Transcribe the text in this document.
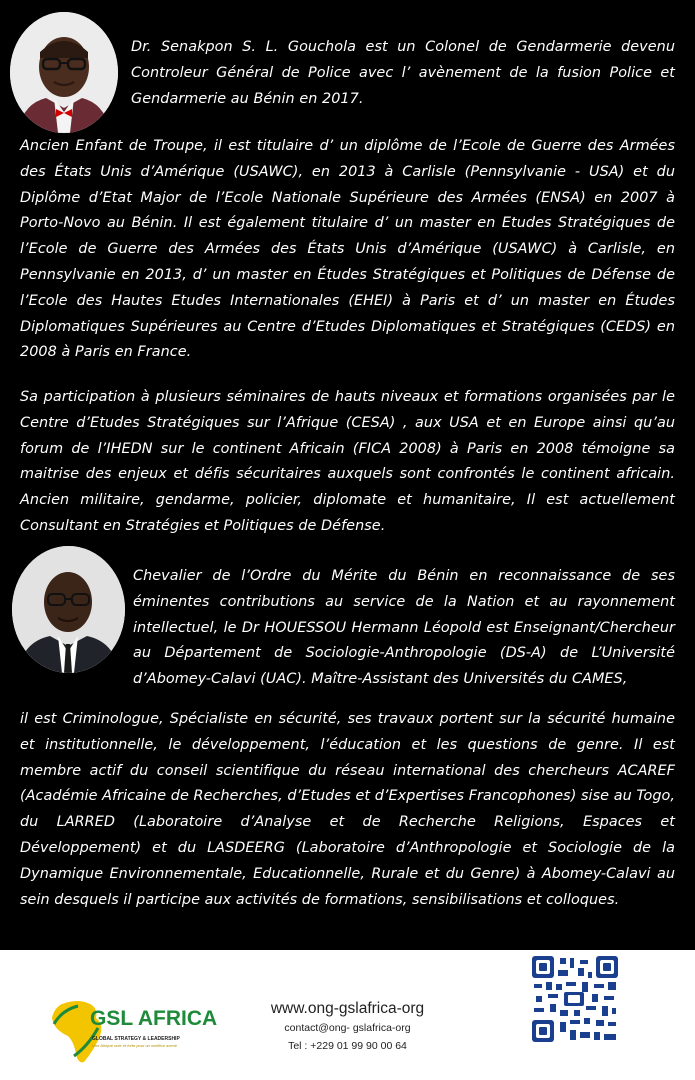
Dr. Senakpon S. L. Gouchola est un Colonel de Gendarmerie devenu Controleur Général de Police avec l’ avènement de la fusion Police et Gendarmerie au Bénin en 2017.
Ancien Enfant de Troupe, il est titulaire d’ un diplôme de l’Ecole de Guerre des Armées des États Unis d’Amérique (USAWC), en 2013 à Carlisle (Pennsylvanie - USA) et du Diplôme d’Etat Major de l’Ecole Nationale Supérieure des Armées (ENSA) en 2007 à Porto-Novo au Bénin. Il est également titulaire d’ un master en Etudes Stratégiques de l’Ecole de Guerre des Armées des États Unis d’Amérique (USAWC) à Carlisle, en Pennsylvanie en 2013, d’ un master en Études Stratégiques et Politiques de Défense de l’Ecole des Hautes Etudes Internationales (EHEI) à Paris et d’ un master en Études Diplomatiques Supérieures au Centre d’Etudes Diplomatiques et Stratégiques (CEDS) en 2008 à Paris en France.
Sa participation à plusieurs séminaires de hauts niveaux et formations organisées par le Centre d’Etudes Stratégiques sur l’Afrique (CESA) , aux USA et en Europe ainsi qu’au forum de l’IHEDN sur le continent Africain (FICA 2008) à Paris en 2008 témoigne sa maitrise des enjeux et défis sécuritaires auxquels sont confrontés le continent africain. Ancien militaire, gendarme, policier, diplomate et humanitaire, Il est actuellement Consultant en Stratégies et Politiques de Défense.
Chevalier de l’Ordre du Mérite du Bénin en reconnaissance de ses éminentes contributions au service de la Nation et au rayonnement intellectuel, le Dr HOUESSOU Hermann Léopold est Enseignant/Chercheur au Département de Sociologie-Anthropologie (DS-A) de L’Université d’Abomey-Calavi (UAC). Maître-Assistant des Universités du CAMES,
il est Criminologue, Spécialiste en sécurité, ses travaux portent sur la sécurité humaine et institutionnelle, le développement, l’éducation et les questions de genre. Il est membre actif du conseil scientifique du réseau international des chercheurs ACAREF (Académie Africaine de Recherches, d’Etudes et d’Expertises Francophones) sise au Togo, du LARRED (Laboratoire d’Analyse et de Recherche Religions, Espaces et Développement) et du LASDEERG (Laboratoire d’Anthropologie et Sociologie de la Dynamique Environnementale, Educationnelle, Rurale et du Genre) à Abomey-Calavi au sein desquels il participe aux activités de formations, sensibilisations et colloques.
GSL AFRICA
GLOBAL STRATEGY & LEADERSHIP
Une Afrique unie et forte pour un meilleur avenir
www.ong-gslafrica-org
contact@ong- gslafrica-org
Tel : +229 01 99 90 00 64
